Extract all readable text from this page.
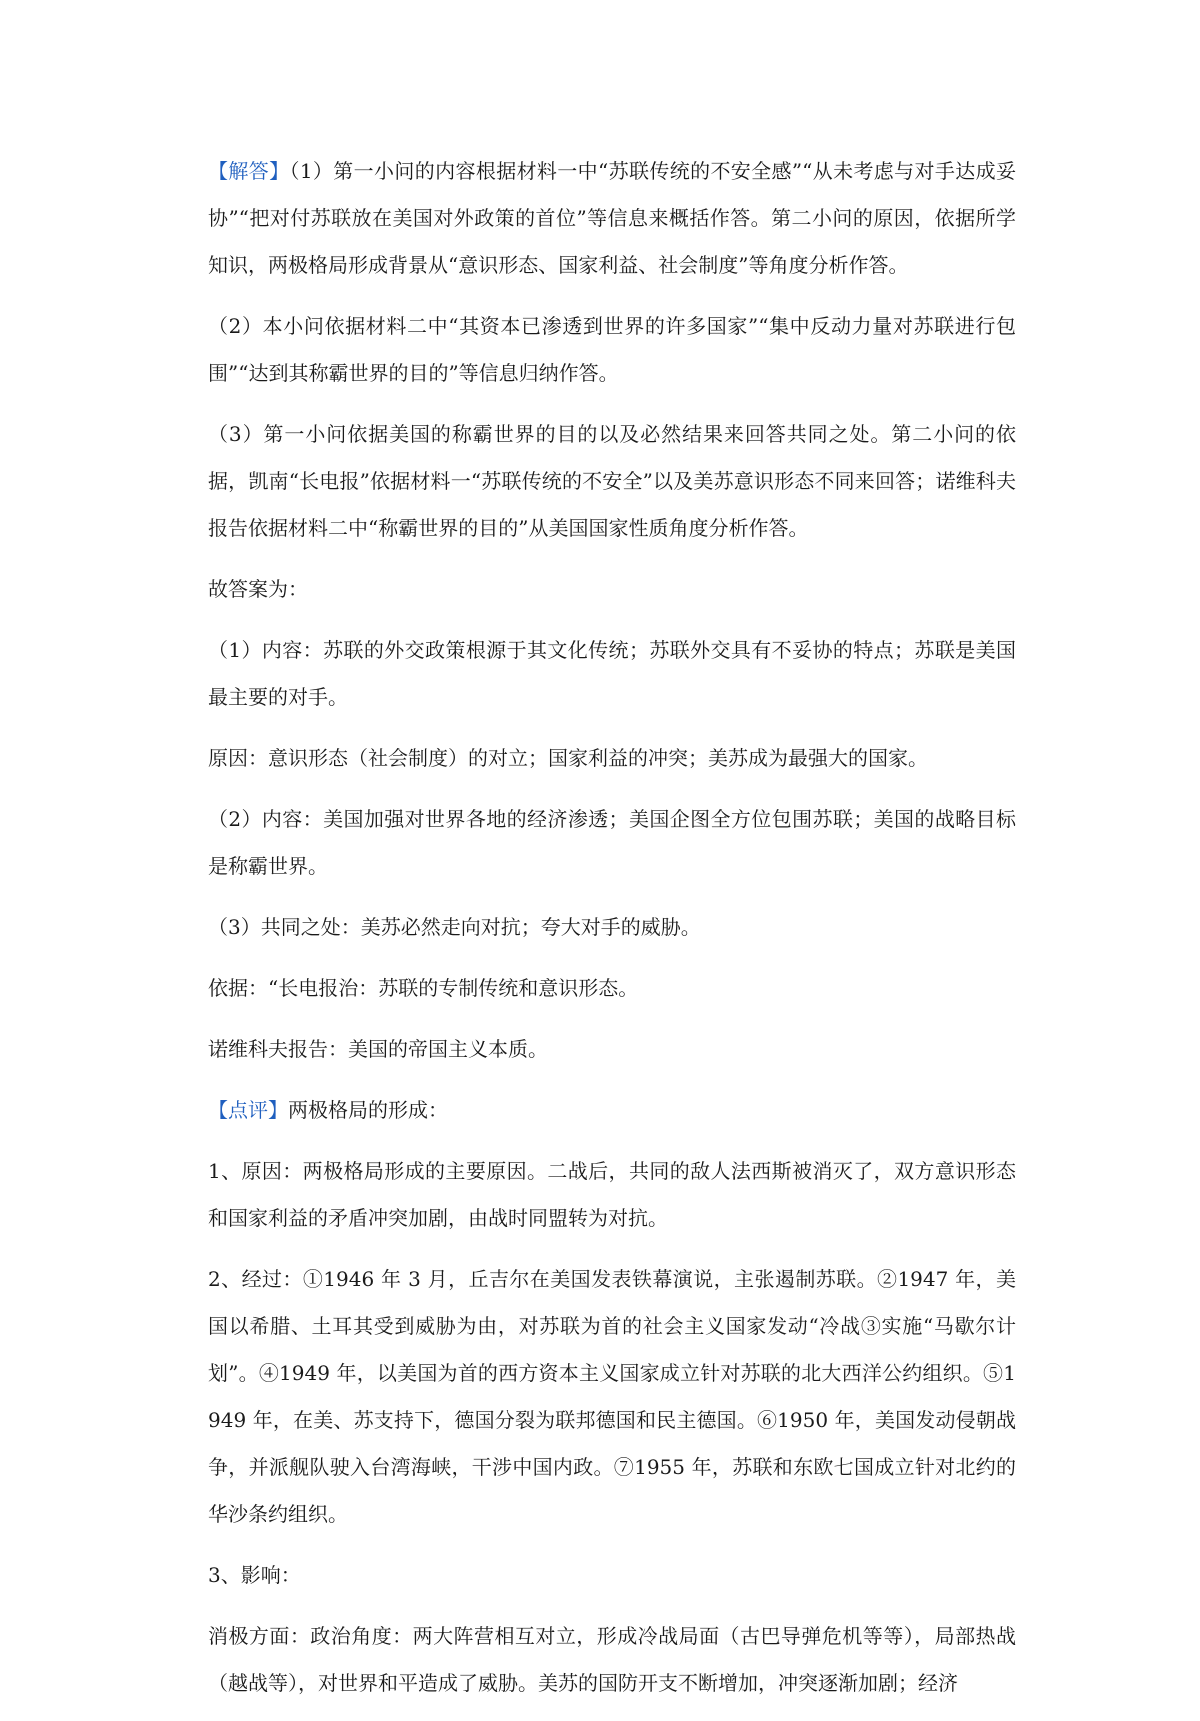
【解答】（1）第一小问的内容根据材料一中“苏联传统的不安全感”“从未考虑与对手达成妥协”“把对付苏联放在美国对外政策的首位”等信息来概括作答。第二小问的原因，依据所学知识，两极格局形成背景从“意识形态、国家利益、社会制度”等角度分析作答。

（2）本小问依据材料二中“其资本已渗透到世界的许多国家”“集中反动力量对苏联进行包围”“达到其称霸世界的目的”等信息归纳作答。

（3）第一小问依据美国的称霸世界的目的以及必然结果来回答共同之处。第二小问的依据，凯南“长电报”依据材料一“苏联传统的不安全”以及美苏意识形态不同来回答；诺维科夫报告依据材料二中“称霸世界的目的”从美国国家性质角度分析作答。

故答案为：

（1）内容：苏联的外交政策根源于其文化传统；苏联外交具有不妥协的特点；苏联是美国最主要的对手。

原因：意识形态（社会制度）的对立；国家利益的冲突；美苏成为最强大的国家。

（2）内容：美国加强对世界各地的经济渗透；美国企图全方位包围苏联；美国的战略目标是称霸世界。

（3）共同之处：美苏必然走向对抗；夸大对手的威胁。

依据：“长电报治：苏联的专制传统和意识形态。

诺维科夫报告：美国的帝国主义本质。

【点评】两极格局的形成：

1、原因：两极格局形成的主要原因。二战后，共同的敌人法西斯被消灭了，双方意识形态和国家利益的矛盾冲突加剧，由战时同盟转为对抗。

2、经过：①1946 年 3 月，丘吉尔在美国发表铁幕演说，主张遏制苏联。②1947 年，美国以希腊、土耳其受到威胁为由，对苏联为首的社会主义国家发动“冷战③实施“马歇尔计划”。④1949 年，以美国为首的西方资本主义国家成立针对苏联的北大西洋公约组织。⑤1949 年，在美、苏支持下，德国分裂为联邦德国和民主德国。⑥1950 年，美国发动侵朝战争，并派舰队驶入台湾海峡，干涉中国内政。⑦1955 年，苏联和东欧七国成立针对北约的华沙条约组织。

3、影响：

消极方面：政治角度：两大阵营相互对立，形成冷战局面（古巴导弹危机等等），局部热战（越战等），对世界和平造成了威胁。美苏的国防开支不断增加，冲突逐渐加剧；经济
